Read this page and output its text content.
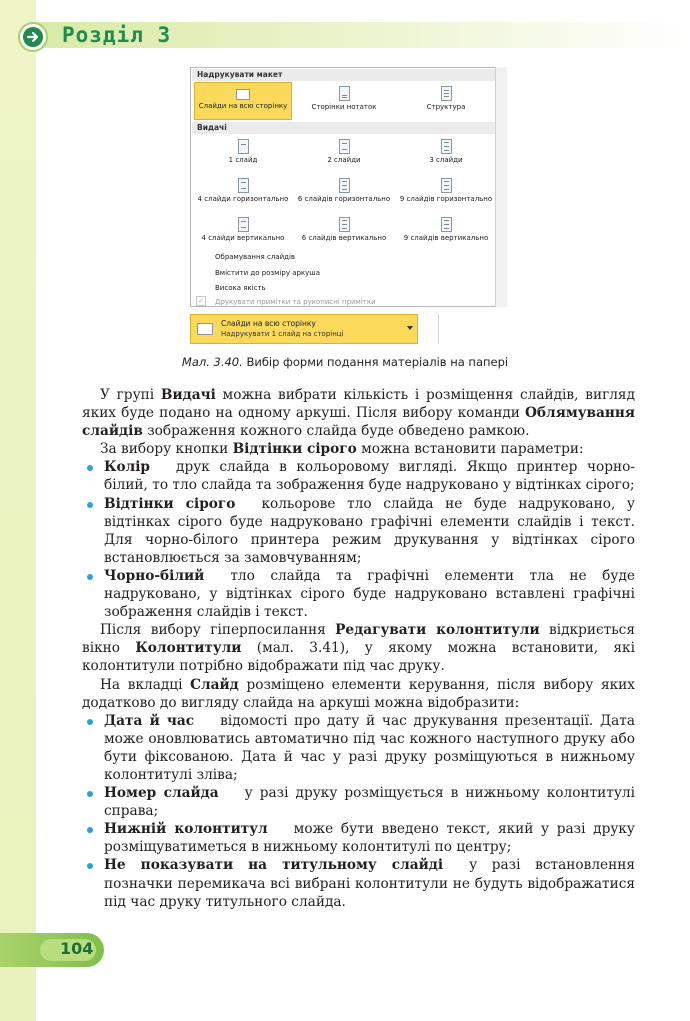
Розділ 3
Надрукувати макет
Слайди на всю сторінку	Сторінки нотаток	Структура
Видачі
1 слайд	2 слайди	3 слайди
4 слайди горизонтально	6 слайдів горизонтально	9 слайдів горизонтально
4 слайди вертикально	6 слайдів вертикально	9 слайдів вертикально
Обрамування слайдів
Вмістити до розміру аркуша
Висока якість
✓ Друкувати примітки та рукописні примітки
Слайди на всю сторінку
Надрукувати 1 слайд на сторінці
Мал. 3.40. Вибір форми подання матеріалів на папері

У групі Видачі можна вибрати кількість і розміщення слайдів, вигляд яких буде подано на одному аркуші. Після вибору команди Облямування слайдів зображення кожного слайда буде обведено рамкою.

За вибору кнопки Відтінки сірого можна встановити параметри:

Колір друк слайда в кольоровому вигляді. Якщо принтер чорно-білий, то тло слайда та зображення буде надруковано у відтінках сірого;
Відтінки сірого кольорове тло слайда не буде надруковано, у відтінках сірого буде надруковано графічні елементи слайдів і текст. Для чорно-білого принтера режим друкування у відтінках сірого встановлюється за замовчуванням;
Чорно-білий тло слайда та графічні елементи тла не буде надруковано, у відтінках сірого буде надруковано вставлені графічні зображення слайдів і текст.

Після вибору гіперпосилання Редагувати колонтитули відкриється вікно Колонтитули (мал. 3.41), у якому можна встановити, які колонтитули потрібно відображати під час друку.

На вкладці Слайд розміщено елементи керування, після вибору яких додатково до вигляду слайда на аркуші можна відобразити:

Дата й час відомості про дату й час друкування презентації. Дата може оновлюватись автоматично під час кожного наступного друку або бути фіксованою. Дата й час у разі друку розміщуються в нижньому колонтитулі зліва;
Номер слайда у разі друку розміщується в нижньому колонтитулі справа;
Нижній колонтитул може бути введено текст, який у разі друку розміщуватиметься в нижньому колонтитулі по центру;
Не показувати на титульному слайді у разі встановлення позначки перемикача всі вибрані колонтитули не будуть відображатися під час друку титульного слайда.
104
